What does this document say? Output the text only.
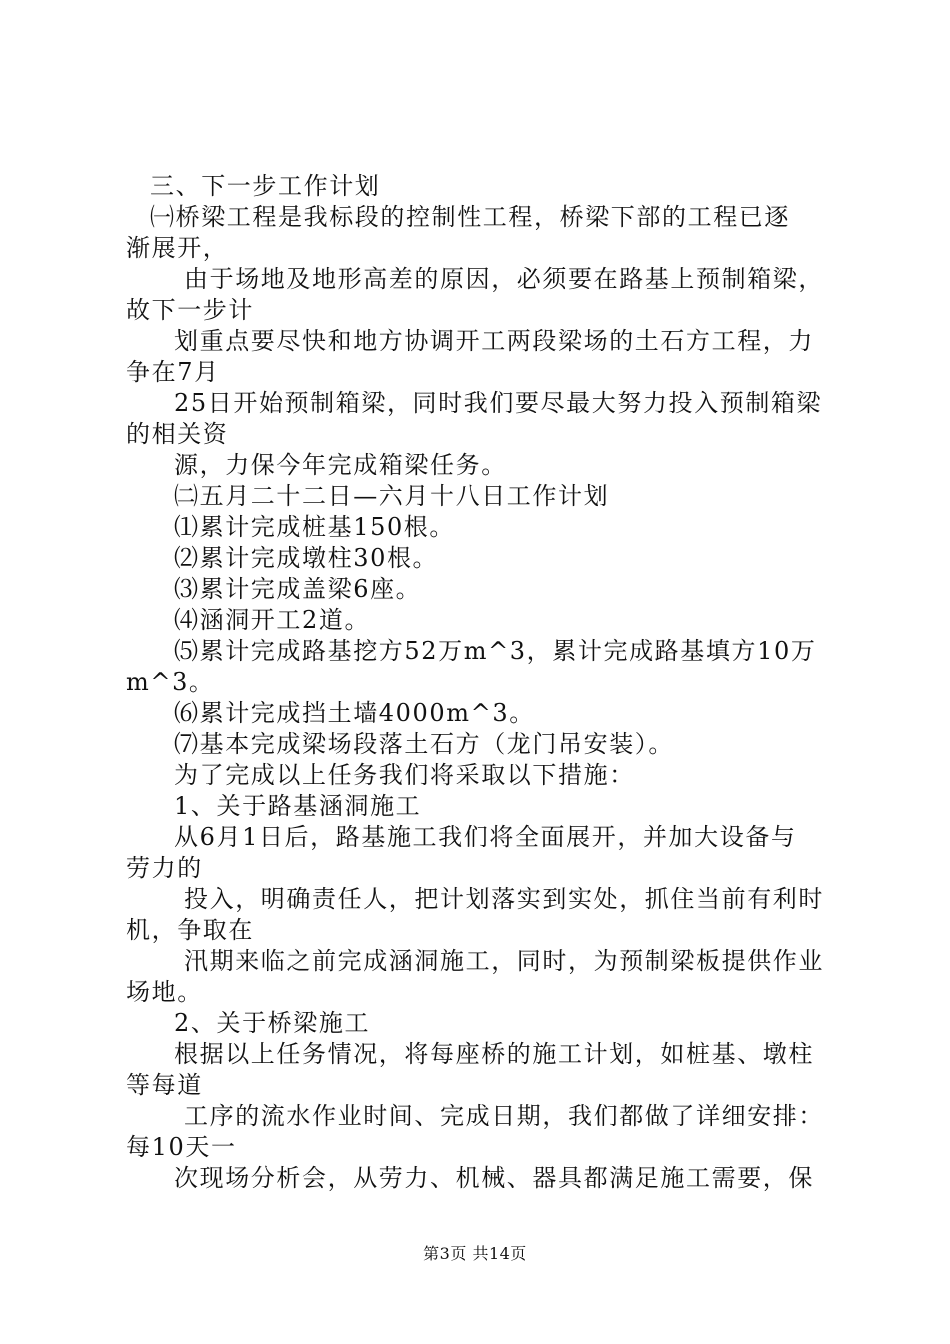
三、下一步工作计划
㈠桥梁工程是我标段的控制性工程，桥梁下部的工程已逐
渐展开，
由于场地及地形高差的原因，必须要在路基上预制箱梁，
故下一步计
划重点要尽快和地方协调开工两段梁场的土石方工程，力
争在7月
25日开始预制箱梁，同时我们要尽最大努力投入预制箱梁
的相关资
源，力保今年完成箱梁任务。
㈡五月二十二日—六月十八日工作计划
⑴累计完成桩基150根。
⑵累计完成墩柱30根。
⑶累计完成盖梁6座。
⑷涵洞开工2道。
⑸累计完成路基挖方52万m^3，累计完成路基填方10万
m^3。
⑹累计完成挡土墙4000m^3。
⑺基本完成梁场段落土石方（龙门吊安装）。
为了完成以上任务我们将采取以下措施：
1、关于路基涵洞施工
从6月1日后，路基施工我们将全面展开，并加大设备与
劳力的
投入，明确责任人，把计划落实到实处，抓住当前有利时
机，争取在
汛期来临之前完成涵洞施工，同时，为预制梁板提供作业
场地。
2、关于桥梁施工
根据以上任务情况，将每座桥的施工计划，如桩基、墩柱
等每道
工序的流水作业时间、完成日期，我们都做了详细安排：
每10天一
次现场分析会，从劳力、机械、器具都满足施工需要，保
第3页 共14页
